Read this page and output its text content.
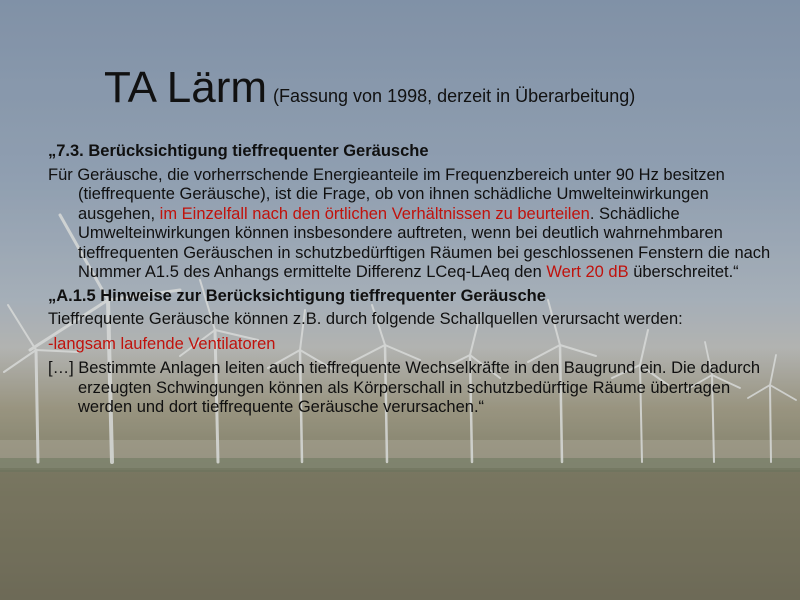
TA Lärm (Fassung von 1998, derzeit in Überarbeitung)

„7.3. Berücksichtigung tieffrequenter Geräusche

Für Geräusche, die vorherrschende Energieanteile im Frequenzbereich unter 90 Hz besitzen (tieffrequente Geräusche), ist die Frage, ob von ihnen schädliche Umwelteinwirkungen ausgehen, im Einzelfall nach den örtlichen Verhältnissen zu beurteilen. Schädliche Umwelteinwirkungen können insbesondere auftreten, wenn bei deutlich wahrnehmbaren tieffrequenten Geräuschen in schutzbedürftigen Räumen bei geschlossenen Fenstern die nach Nummer A1.5 des Anhangs ermittelte Differenz LCeq-LAeq den Wert 20 dB überschreitet.“

„A.1.5 Hinweise zur Berücksichtigung tieffrequenter Geräusche

Tieffrequente Geräusche können z.B. durch folgende Schallquellen verursacht werden:

-langsam laufende Ventilatoren

[…] Bestimmte Anlagen leiten auch tieffrequente Wechselkräfte in den Baugrund ein. Die dadurch erzeugten Schwingungen können als Körperschall in schutzbedürftige Räume übertragen werden und dort tieffrequente Geräusche verursachen.“
